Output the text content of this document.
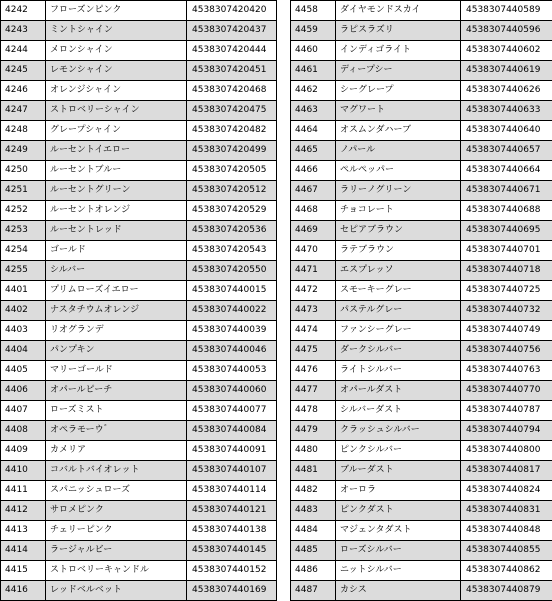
4242	フローズンピンク	4538307420420
4243	ミントシャイン	4538307420437
4244	メロンシャイン	4538307420444
4245	レモンシャイン	4538307420451
4246	オレンジシャイン	4538307420468
4247	ストロベリーシャイン	4538307420475
4248	グレープシャイン	4538307420482
4249	ルーセントイエロー	4538307420499
4250	ルーセントブルー	4538307420505
4251	ルーセントグリーン	4538307420512
4252	ルーセントオレンジ	4538307420529
4253	ルーセントレッド	4538307420536
4254	ゴールド	4538307420543
4255	シルバー	4538307420550
4401	プリムローズイエロー	4538307440015
4402	ナスタチウムオレンジ	4538307440022
4403	リオグランデ	4538307440039
4404	パンプキン	4538307440046
4405	マリーゴールド	4538307440053
4406	オパールピーチ	4538307440060
4407	ローズミスト	4538307440077
4408	オペラモーウ゛	4538307440084
4409	カメリア	4538307440091
4410	コバルトバイオレット	4538307440107
4411	スパニッシュローズ	4538307440114
4412	サロメピンク	4538307440121
4413	チェリーピンク	4538307440138
4414	ラージャルビー	4538307440145
4415	ストロベリーキャンドル	4538307440152
4416	レッドベルベット	4538307440169
4458	ダイヤモンドスカイ	4538307440589
4459	ラピスラズリ	4538307440596
4460	インディゴライト	4538307440602
4461	ディープシー	4538307440619
4462	シーグレープ	4538307440626
4463	マグワート	4538307440633
4464	オスムンダハーブ	4538307440640
4465	ノパール	4538307440657
4466	ペルペッパー	4538307440664
4467	ラリーノグリーン	4538307440671
4468	チョコレート	4538307440688
4469	セピアブラウン	4538307440695
4470	ラテブラウン	4538307440701
4471	エスプレッソ	4538307440718
4472	スモーキーグレー	4538307440725
4473	パステルグレー	4538307440732
4474	ファンシーグレー	4538307440749
4475	ダークシルバー	4538307440756
4476	ライトシルバー	4538307440763
4477	オパールダスト	4538307440770
4478	シルバーダスト	4538307440787
4479	クラッシュシルバー	4538307440794
4480	ピンクシルバー	4538307440800
4481	ブルーダスト	4538307440817
4482	オーロラ	4538307440824
4483	ピンクダスト	4538307440831
4484	マジェンタダスト	4538307440848
4485	ローズシルバー	4538307440855
4486	ニットシルバー	4538307440862
4487	カシス	4538307440879
